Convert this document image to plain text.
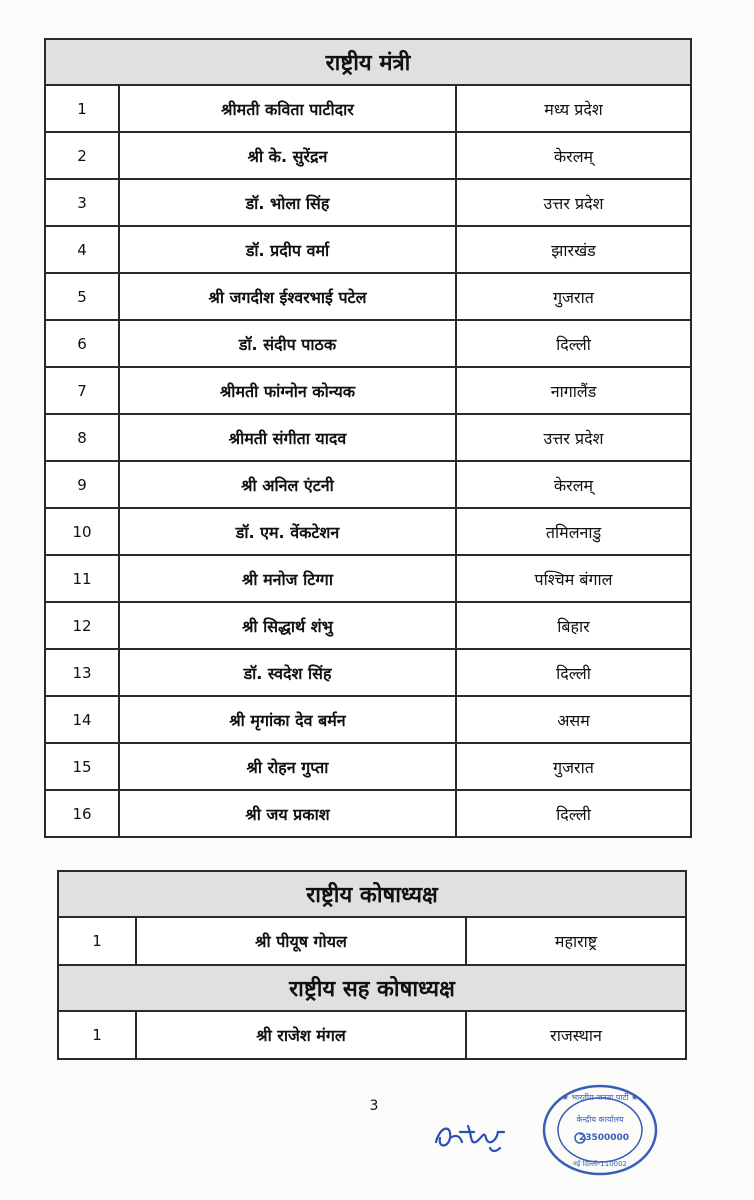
राष्ट्रीय मंत्री		
1	श्रीमती कविता पाटीदार	मध्य प्रदेश
2	श्री के. सुरेंद्रन	केरलम्
3	डॉ. भोला सिंह	उत्तर प्रदेश
4	डॉ. प्रदीप वर्मा	झारखंड
5	श्री जगदीश ईश्वरभाई पटेल	गुजरात
6	डॉ. संदीप पाठक	दिल्ली
7	श्रीमती फांग्नोन कोन्यक	नागालैंड
8	श्रीमती संगीता यादव	उत्तर प्रदेश
9	श्री अनिल एंटनी	केरलम्
10	डॉ. एम. वेंकटेशन	तमिलनाडु
11	श्री मनोज टिग्गा	पश्चिम बंगाल
12	श्री सिद्धार्थ शंभु	बिहार
13	डॉ. स्वदेश सिंह	दिल्ली
14	श्री मृगांका देव बर्मन	असम
15	श्री रोहन गुप्ता	गुजरात
16	श्री जय प्रकाश	दिल्ली
राष्ट्रीय कोषाध्यक्ष		
1	श्री पीयूष गोयल	महाराष्ट्र
राष्ट्रीय सह कोषाध्यक्ष		
1	श्री राजेश मंगल	राजस्थान
3
★ भारतीय जनता पार्टी ★
केन्द्रीय कार्यालय
23500000
नई दिल्ली-110002
